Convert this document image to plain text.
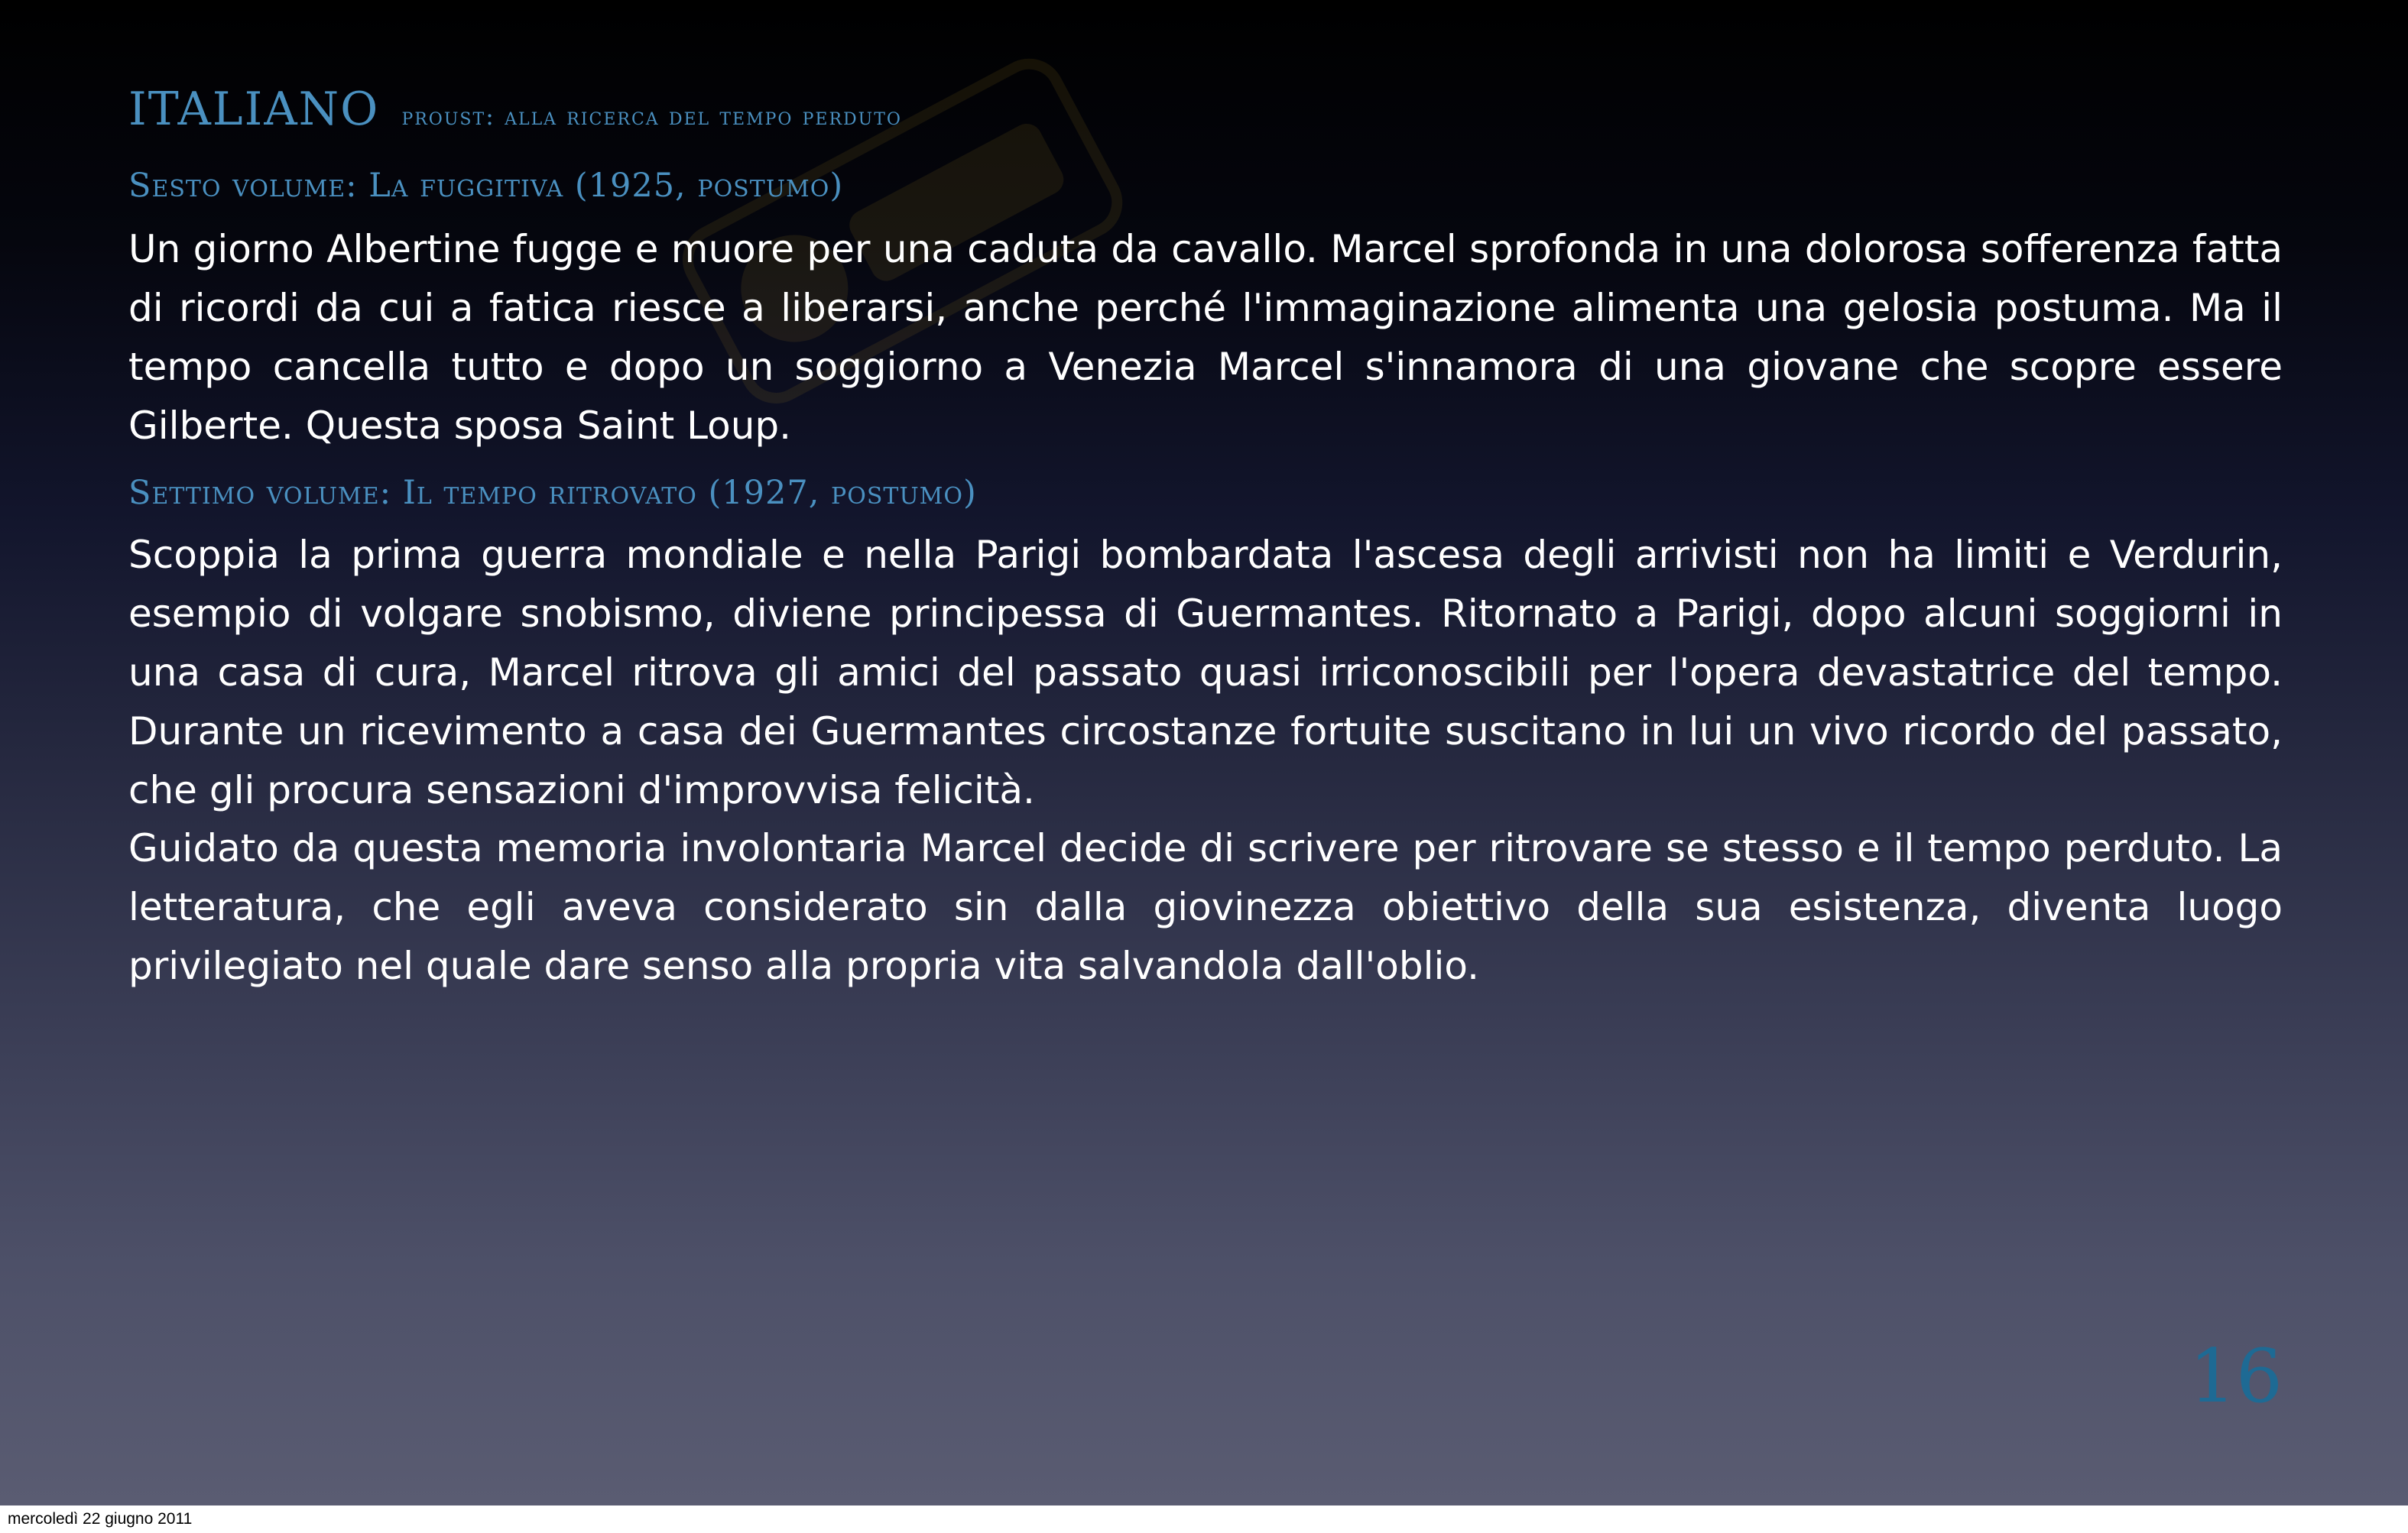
ITALIANO proust: alla ricerca del tempo perduto
Sesto volume: La fuggitiva (1925, postumo)
Un giorno Albertine fugge e muore per una caduta da cavallo. Marcel sprofonda in una dolorosa sofferenza fatta di ricordi da cui a fatica riesce a liberarsi, anche perché l'immaginazione alimenta una gelosia postuma. Ma il tempo cancella tutto e dopo un soggiorno a Venezia Marcel s'innamora di una giovane che scopre essere Gilberte. Questa sposa Saint Loup.
Settimo volume: Il tempo ritrovato (1927, postumo)
Scoppia la prima guerra mondiale e nella Parigi bombardata l'ascesa degli arrivisti non ha limiti e Verdurin, esempio di volgare snobismo, diviene principessa di Guermantes. Ritornato a Parigi, dopo alcuni soggiorni in una casa di cura, Marcel ritrova gli amici del passato quasi irriconoscibili per l'opera devastatrice del tempo. Durante un ricevimento a casa dei Guermantes circostanze fortuite suscitano in lui un vivo ricordo del passato, che gli procura sensazioni d'improvvisa felicità.
Guidato da questa memoria involontaria Marcel decide di scrivere per ritrovare se stesso e il tempo perduto. La letteratura, che egli aveva considerato sin dalla giovinezza obiettivo della sua esistenza, diventa luogo privilegiato nel quale dare senso alla propria vita salvandola dall'oblio.
16
mercoledì 22 giugno 2011
